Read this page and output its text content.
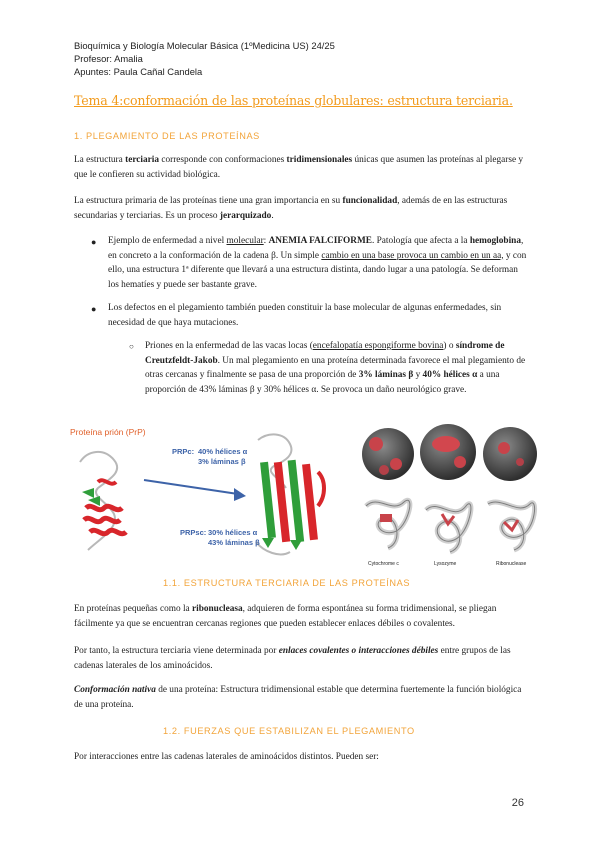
Bioquímica y Biología Molecular Básica (1ºMedicina US) 24/25
Profesor: Amalia
Apuntes: Paula Cañal Candela
Tema 4:conformación de las proteínas globulares: estructura terciaria.
1. PLEGAMIENTO DE LAS PROTEÍNAS
La estructura terciaria corresponde con conformaciones tridimensionales únicas que asumen las proteínas al plegarse y que le confieren su actividad biológica.
La estructura primaria de las proteínas tiene una gran importancia en su funcionalidad, además de en las estructuras secundarias y terciarias. Es un proceso jerarquizado.
● Ejemplo de enfermedad a nivel molecular: ANEMIA FALCIFORME. Patología que afecta a la hemoglobina, en concreto a la conformación de la cadena β. Un simple cambio en una base provoca un cambio en un aa, y con ello, una estructura 1ª diferente que llevará a una estructura distinta, dando lugar a una patología. Se deforman los hematíes y puede ser bastante grave.
● Los defectos en el plegamiento también pueden constituir la base molecular de algunas enfermedades, sin necesidad de que haya mutaciones.
○ Priones en la enfermedad de las vacas locas (encefalopatía espongiforme bovina) o síndrome de Creutzfeldt-Jakob. Un mal plegamiento en una proteína determinada favorece el mal plegamiento de otras cercanas y finalmente se pasa de una proporción de 3% láminas β y 40% hélices α a una proporción de 43% láminas β y 30% hélices α. Se provoca un daño neurológico grave.
Proteína prión (PrP)
PRPc: 40% hélices α
3% láminas β
PRPsc: 30% hélices α
43% láminas β
Cytochrome c	Lysozyme	Ribonuclease
1.1. ESTRUCTURA TERCIARIA DE LAS PROTEÍNAS
En proteínas pequeñas como la ribonucleasa, adquieren de forma espontánea su forma tridimensional, se pliegan fácilmente ya que se encuentran cercanas regiones que pueden establecer enlaces débiles o covalentes.
Por tanto, la estructura terciaria viene determinada por enlaces covalentes o interacciones débiles entre grupos de las cadenas laterales de los aminoácidos.
Conformación nativa de una proteína: Estructura tridimensional estable que determina fuertemente la función biológica de una proteína.
1.2. FUERZAS QUE ESTABILIZAN EL PLEGAMIENTO
Por interacciones entre las cadenas laterales de aminoácidos distintos. Pueden ser:
26
